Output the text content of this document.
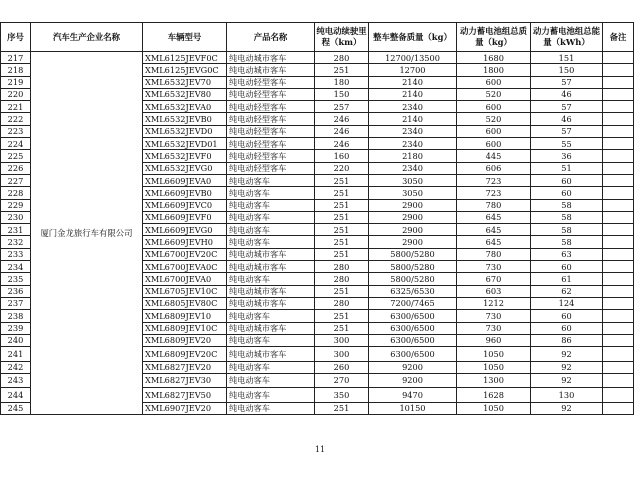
序号	汽车生产企业名称	车辆型号	产品名称	纯电动续驶里程（km）	整车整备质量（kg）	动力蓄电池组总质量（kg）	动力蓄电池组总能量（kWh）	备注
217	厦门金龙旅行车有限公司	XML6125JEVF0C	纯电动城市客车	280	12700/13500	1680	151	
218		XML6125JEVG0C	纯电动城市客车	251	12700	1800	150	
219		XML6532JEV70	纯电动轻型客车	180	2140	600	57	
220		XML6532JEV80	纯电动轻型客车	150	2140	520	46	
221		XML6532JEVA0	纯电动轻型客车	257	2340	600	57	
222		XML6532JEVB0	纯电动轻型客车	246	2140	520	46	
223		XML6532JEVD0	纯电动轻型客车	246	2340	600	57	
224		XML6532JEVD01	纯电动轻型客车	246	2340	600	55	
225		XML6532JEVF0	纯电动轻型客车	160	2180	445	36	
226		XML6532JEVG0	纯电动轻型客车	220	2340	606	51	
227		XML6609JEVA0	纯电动客车	251	3050	723	60	
228		XML6609JEVB0	纯电动客车	251	3050	723	60	
229		XML6609JEVC0	纯电动客车	251	2900	780	58	
230		XML6609JEVF0	纯电动客车	251	2900	645	58	
231		XML6609JEVG0	纯电动客车	251	2900	645	58	
232		XML6609JEVH0	纯电动客车	251	2900	645	58	
233		XML6700JEV20C	纯电动城市客车	251	5800/5280	780	63	
234		XML6700JEVA0C	纯电动城市客车	280	5800/5280	730	60	
235		XML6700JEVA0	纯电动客车	280	5800/5280	670	61	
236		XML6705JEV10C	纯电动城市客车	251	6325/6530	603	62	
237		XML6805JEV80C	纯电动城市客车	280	7200/7465	1212	124	
238		XML6809JEV10	纯电动客车	251	6300/6500	730	60	
239		XML6809JEV10C	纯电动城市客车	251	6300/6500	730	60	
240		XML6809JEV20	纯电动客车	300	6300/6500	960	86	
241		XML6809JEV20C	纯电动城市客车	300	6300/6500	1050	92	
242		XML6827JEV20	纯电动客车	260	9200	1050	92	
243		XML6827JEV30	纯电动客车	270	9200	1300	92	
244		XML6827JEV50	纯电动客车	350	9470	1628	130	
245		XML6907JEV20	纯电动客车	251	10150	1050	92	
11
